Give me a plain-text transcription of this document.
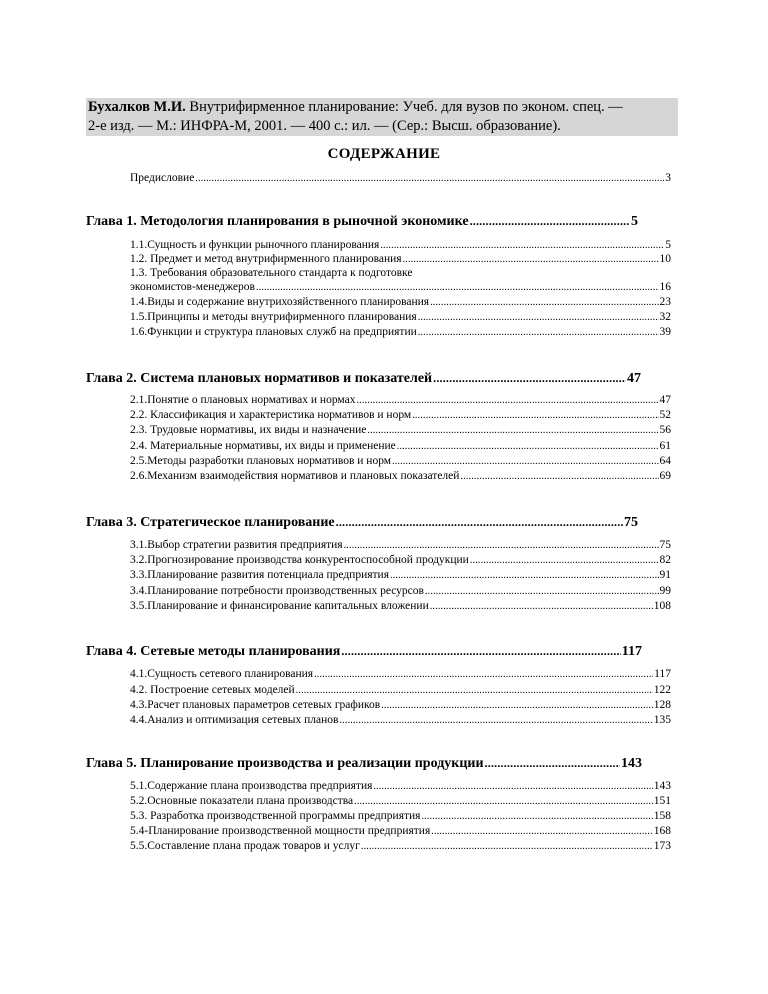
Бухалков М.И. Внутрифирменное планирование: Учеб. для вузов по эконом. спец. —
2-е изд. — М.: ИНФРА-М, 2001. — 400 с.: ил. — (Сер.: Высш. образование).
СОДЕРЖАНИЕ
Предисловие .....	3
Глава 1. Методология планирования в рыночной экономике .....	5
1.1.Сущность и функции рыночного планирования .....	5
1.2. Предмет и метод внутрифирменного планирования .....	10
1.3. Требования образовательного стандарта к подготовке
экономистов-менеджеров .....	16
1.4.Виды и содержание внутрихозяйственного планирования .....	23
1.5.Принципы и методы внутрифирменного планирования .....	32
1.6.Функции и структура плановых служб на предприятии .....	39
Глава 2. Система плановых нормативов и показателей .....	47
2.1.Понятие о плановых нормативах и нормах .....	47
2.2. Классификация и характеристика нормативов и норм .....	52
2.3. Трудовые нормативы, их виды и назначение .....	56
2.4. Материальные нормативы, их виды и применение .....	61
2.5.Методы разработки плановых нормативов и норм .....	64
2.6.Механизм взаимодействия нормативов и плановых показателей .....	69
Глава 3. Стратегическое планирование .....	75
3.1.Выбор стратегии развития предприятия .....	75
3.2.Прогнозирование производства конкурентоспособной продукции .....	82
3.3.Планирование развития потенциала предприятия .....	91
3.4.Планирование потребности производственных ресурсов .....	99
3.5.Планирование и финансирование капитальных вложении .....	108
Глава 4. Сетевые методы планирования .....	117
4.1.Сущность сетевого планирования .....	117
4.2. Построение сетевых моделей .....	122
4.3.Расчет плановых параметров сетевых графиков .....	128
4.4.Анализ и оптимизация сетевых планов .....	135
Глава 5. Планирование производства и реализации продукции .....	143
5.1.Содержание плана производства предприятия .....	143
5.2.Основные показатели плана производства .....	151
5.3. Разработка производственной программы предприятия .....	158
5.4-Планирование производственной мощности предприятия .....	168
5.5.Составление плана продаж товаров и услуг .....	173
